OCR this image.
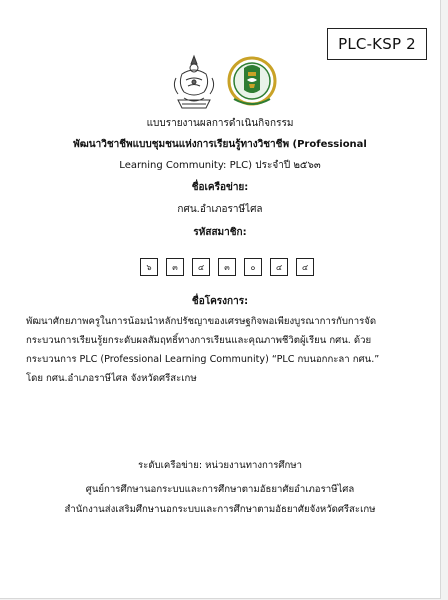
PLC-KSP 2
แบบรายงานผลการดำเนินกิจกรรม
พัฒนาวิชาชีพแบบชุมชนแห่งการเรียนรู้ทางวิชาชีพ (Professional
Learning Community: PLC) ประจำปี ๒๕๖๓
ชื่อเครือข่าย:
กศน.อำเภอราษีไศล
รหัสสมาชิก:
๖	๓	๔	๓	๐	๔ ๔
ชื่อโครงการ:
พัฒนาศักยภาพครูในการน้อมนำหลักปรัชญาของเศรษฐกิจพอเพียงบูรณาการกับการจัด
กระบวนการเรียนรู้ยกระดับผลสัมฤทธิ์ทางการเรียนและคุณภาพชีวิตผู้เรียน กศน. ด้วย
กระบวนการ PLC (Professional Learning Community) “PLC กบนอกกะลา กศน.”
โดย กศน.อำเภอราษีไศล จังหวัดศรีสะเกษ
ระดับเครือข่าย: หน่วยงานทางการศึกษา
ศูนย์การศึกษานอกระบบและการศึกษาตามอัธยาศัยอำเภอราษีไศล
สำนักงานส่งเสริมศึกษานอกระบบและการศึกษาตามอัธยาศัยจังหวัดศรีสะเกษ
